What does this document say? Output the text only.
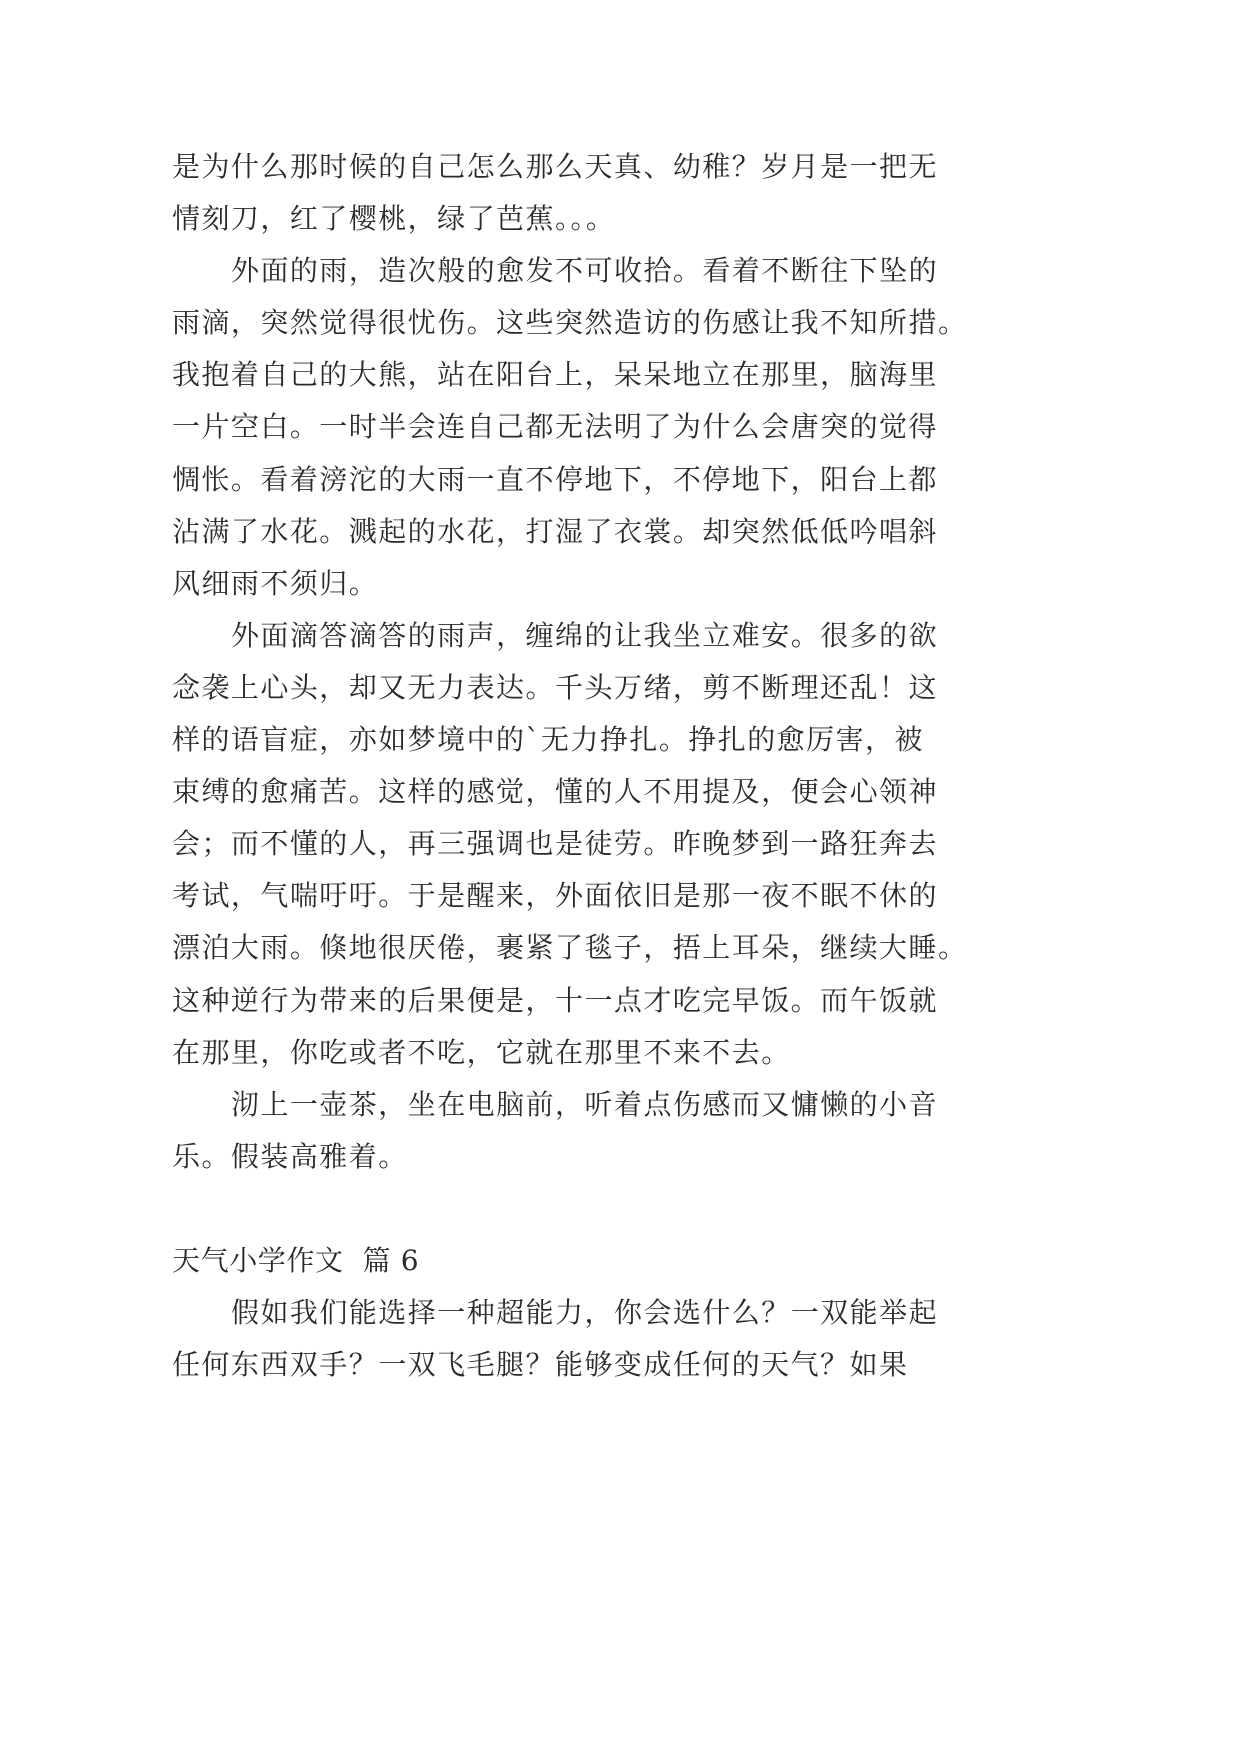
是为什么那时候的自己怎么那么天真、幼稚？岁月是一把无
情刻刀，红了樱桃，绿了芭蕉。。。
外面的雨，造次般的愈发不可收拾。看着不断往下坠的
雨滴，突然觉得很忧伤。这些突然造访的伤感让我不知所措。
我抱着自己的大熊，站在阳台上，呆呆地立在那里，脑海里
一片空白。一时半会连自己都无法明了为什么会唐突的觉得
惆怅。看着滂沱的大雨一直不停地下，不停地下，阳台上都
沾满了水花。溅起的水花，打湿了衣裳。却突然低低吟唱斜
风细雨不须归。
外面滴答滴答的雨声，缠绵的让我坐立难安。很多的欲
念袭上心头，却又无力表达。千头万绪，剪不断理还乱！这
样的语盲症，亦如梦境中的`无力挣扎。挣扎的愈厉害，被
束缚的愈痛苦。这样的感觉，懂的人不用提及，便会心领神
会；而不懂的人，再三强调也是徒劳。昨晚梦到一路狂奔去
考试，气喘吁吁。于是醒来，外面依旧是那一夜不眠不休的
漂泊大雨。倏地很厌倦，裹紧了毯子，捂上耳朵，继续大睡。
这种逆行为带来的后果便是，十一点才吃完早饭。而午饭就
在那里，你吃或者不吃，它就在那里不来不去。
沏上一壶茶，坐在电脑前，听着点伤感而又慵懒的小音
乐。假装高雅着。
天气小学作文  篇 6
假如我们能选择一种超能力，你会选什么？一双能举起
任何东西双手？一双飞毛腿？能够变成任何的天气？如果
